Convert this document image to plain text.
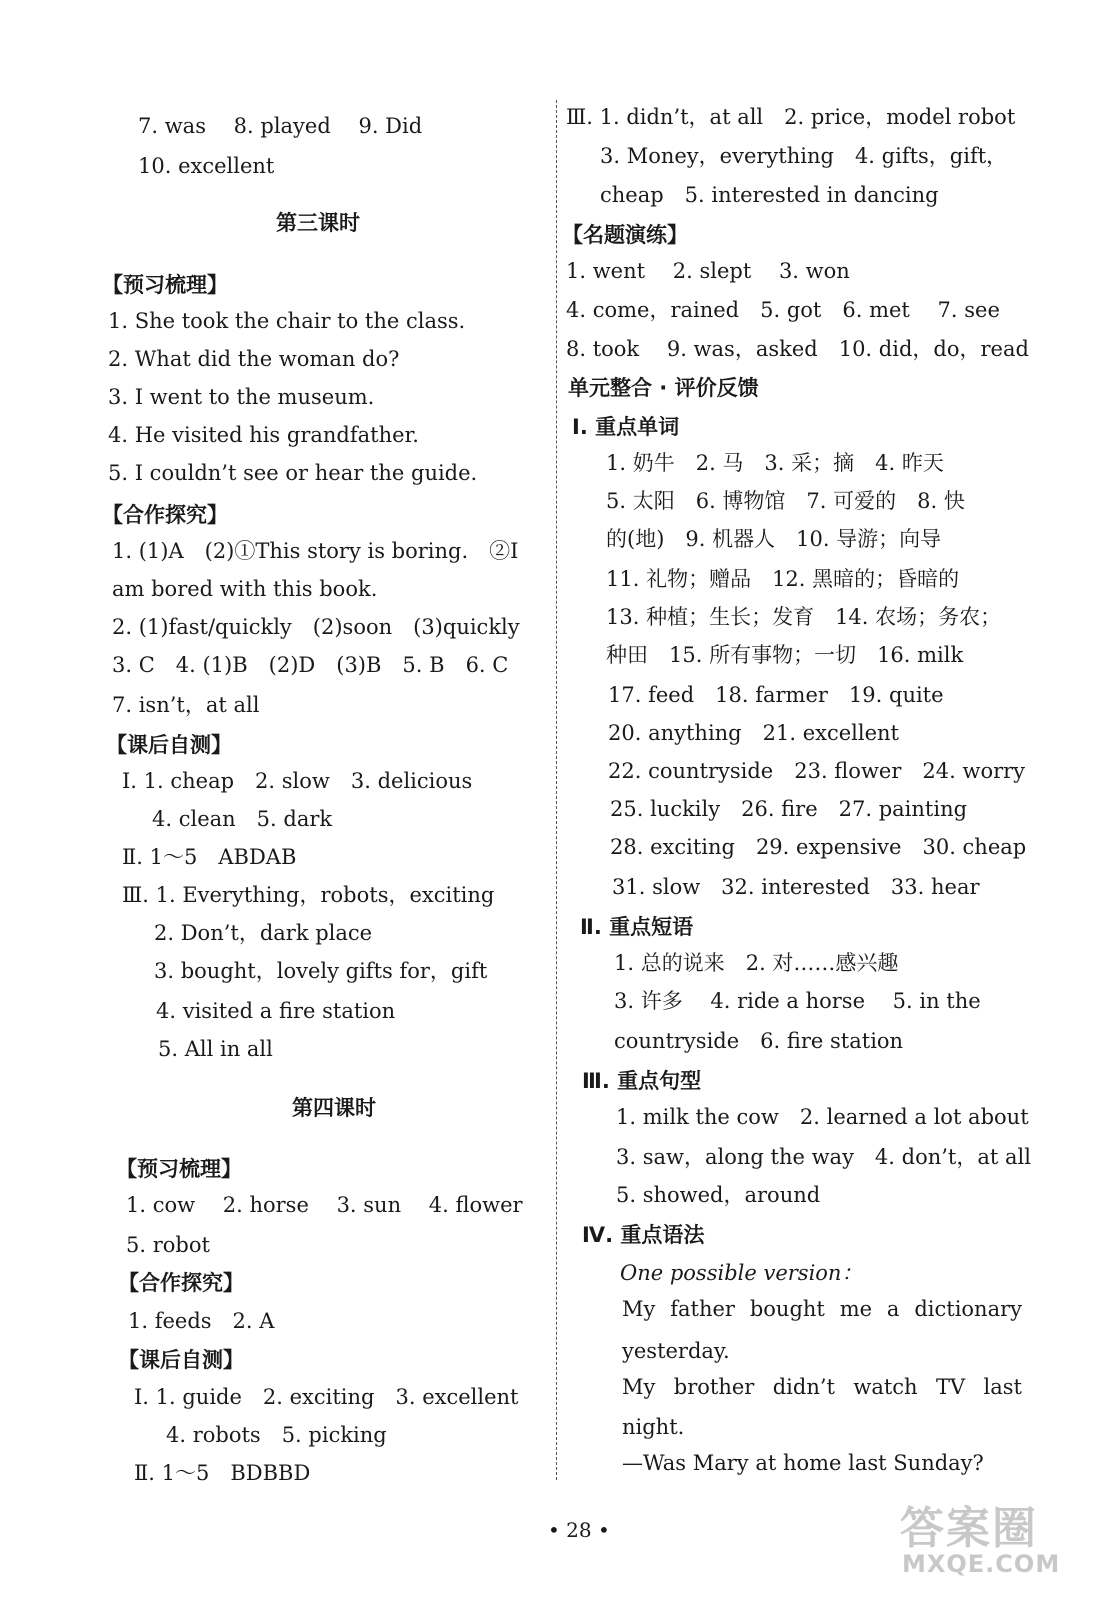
7. was　 8. played　 9. Did
10. excellent
第三课时
【预习梳理】
1. She took the chair to the class.
2. What did the woman do?
3. I went to the museum.
4. He visited his grandfather.
5. I couldn’t see or hear the guide.
【合作探究】
1. (1)A　(2)①This story is boring.　②I
am bored with this book.
2. (1)fast/quickly　(2)soon　(3)quickly
3. C　4. (1)B　(2)D　(3)B　5. B　6. C
7. isn’t，at all
【课后自测】
Ⅰ. 1. cheap　2. slow　3. delicious
4. clean　5. dark
Ⅱ. 1～5　ABDAB
Ⅲ. 1. Everything，robots，exciting
2. Don’t，dark place
3. bought，lovely gifts for，gift
4. visited a fire station
5. All in all
第四课时
【预习梳理】
1. cow　 2. horse　 3. sun　 4. flower
5. robot
【合作探究】
1. feeds　2. A
【课后自测】
Ⅰ. 1. guide　2. exciting　3. excellent
4. robots　5. picking
Ⅱ. 1～5　BDBBD
Ⅲ. 1. didn’t，at all　2. price，model robot
3. Money，everything　4. gifts，gift，
cheap　5. interested in dancing
【名题演练】
1. went　 2. slept　 3. won
4. come，rained　5. got　6. met　 7. see
8. took　 9. was，asked　10. did，do，read
单元整合 · 评价反馈
Ⅰ. 重点单词
1. 奶牛　2. 马　3. 采；摘　4. 昨天
5. 太阳　6. 博物馆　7. 可爱的　8. 快
的(地)　9. 机器人　10. 导游；向导
11. 礼物；赠品　12. 黑暗的；昏暗的
13. 种植；生长；发育　14. 农场；务农；
种田　15. 所有事物；一切　16. milk
17. feed　18. farmer　19. quite
20. anything　21. excellent
22. countryside　23. flower　24. worry
25. luckily　26. fire　27. painting
28. exciting　29. expensive　30. cheap
31. slow　32. interested　33. hear
Ⅱ. 重点短语
1. 总的说来　2. 对……感兴趣
3. 许多　 4. ride a horse　 5. in the
countryside　6. fire station
Ⅲ. 重点句型
1. milk the cow　2. learned a lot about
3. saw，along the way　4. don’t，at all
5. showed，around
Ⅳ. 重点语法
One possible version：
My father bought me a dictionary
yesterday.
My brother didn’t watch TV last
night.
—Was Mary at home last Sunday?
• 28 •	答案圈
MXQE.COM
